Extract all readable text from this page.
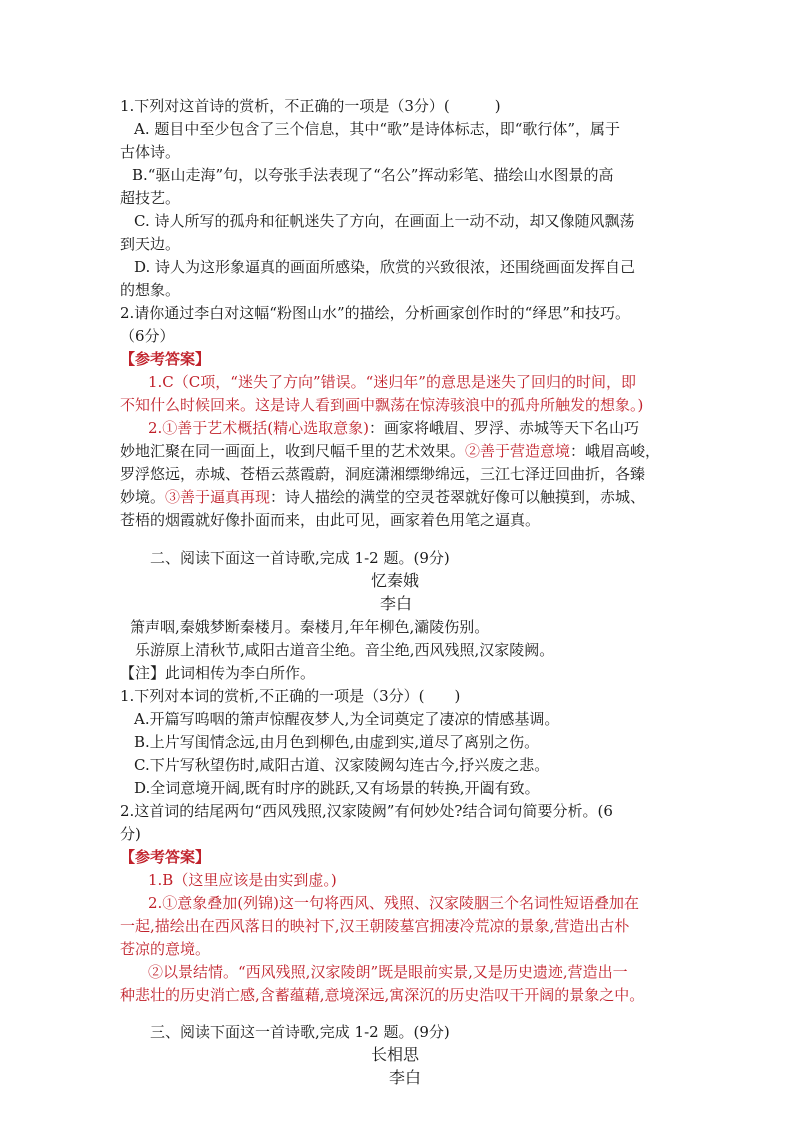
1.下列对这首诗的赏析，不正确的一项是（3分）(　　　)

A. 题目中至少包含了三个信息，其中“歌”是诗体标志，即“歌行体”，属于

古体诗。

B.“驱山走海”句，以夸张手法表现了“名公”挥动彩笔、描绘山水图景的高

超技艺。

C. 诗人所写的孤舟和征帆迷失了方向，在画面上一动不动，却又像随风飘荡

到天边。

D. 诗人为这形象逼真的画面所感染，欣赏的兴致很浓，还围绕画面发挥自己

的想象。

2.请你通过李白对这幅“粉图山水”的描绘，分析画家创作时的“绎思”和技巧。

（6分）

【参考答案】

1.C（C项，“迷失了方向”错误。“迷归年”的意思是迷失了回归的时间，即

不知什么时候回来。这是诗人看到画中飘荡在惊涛骇浪中的孤舟所触发的想象。)

2.①善于艺术概括(精心选取意象)：画家将峨眉、罗浮、赤城等天下名山巧

妙地汇聚在同一画面上，收到尺幅千里的艺术效果。②善于营造意境：峨眉高峻，

罗浮悠远，赤城、苍梧云蒸霞蔚，洞庭潇湘缥缈绵远，三江七泽迂回曲折，各臻

妙境。③善于逼真再现：诗人描绘的满堂的空灵苍翠就好像可以触摸到，赤城、

苍梧的烟霞就好像扑面而来，由此可见，画家着色用笔之逼真。

二、阅读下面这一首诗歌,完成 1-2 题。(9分)

忆秦娥

李白

箫声咽,秦娥梦断秦楼月。秦楼月,年年柳色,灞陵伤别。

乐游原上清秋节,咸阳古道音尘绝。音尘绝,西风残照,汉家陵阙。

【注】此词相传为李白所作。

1.下列对本词的赏析,不正确的一项是（3分）(　　)

A.开篇写呜咽的箫声惊醒夜梦人,为全词奠定了凄凉的情感基调。

B.上片写闺情念远,由月色到柳色,由虚到实,道尽了离别之伤。

C.下片写秋望伤时,咸阳古道、汉家陵阙勾连古今,抒兴废之悲。

D.全词意境开阔,既有时序的跳跃,又有场景的转换,开阖有致。

2.这首词的结尾两句“西风残照,汉家陵阙”有何妙处?结合词句简要分析。(6

分)

【参考答案】

1.B（这里应该是由实到虚。)

2.①意象叠加(列锦)这一句将西风、残照、汉家陵胭三个名词性短语叠加在

一起,描绘出在西风落日的映衬下,汉王朝陵墓宫拥凄冷荒凉的景象,营造出古朴

苍凉的意境。

②以景结情。“西风残照,汉家陵朗”既是眼前实景,又是历史遗迹,营造出一

种悲壮的历史消亡感,含蓄蕴藉,意境深远,寓深沉的历史浩叹干开阔的景象之中。

三、阅读下面这一首诗歌,完成 1-2 题。(9分)

长相思

李白
